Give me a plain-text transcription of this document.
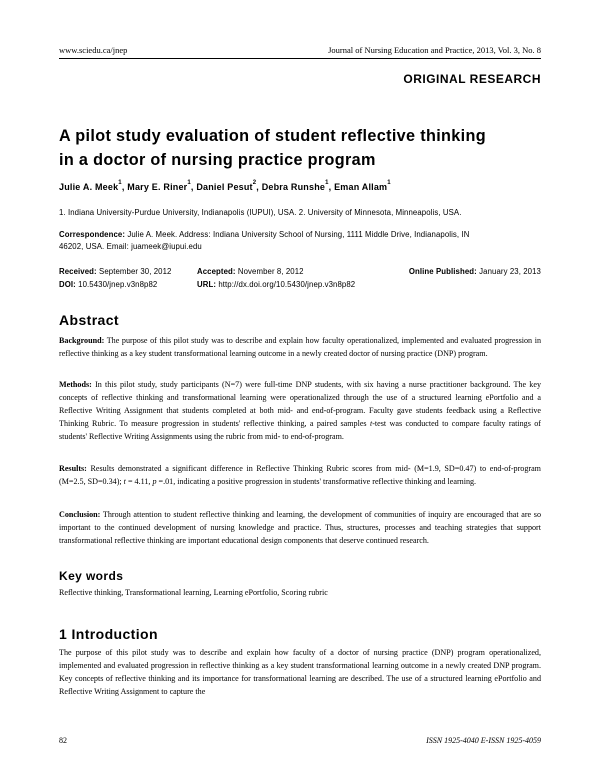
www.sciedu.ca/jnep	Journal of Nursing Education and Practice, 2013, Vol. 3, No. 8
ORIGINAL RESEARCH
A pilot study evaluation of student reflective thinking
in a doctor of nursing practice program
Julie A. Meek$^1$, Mary E. Riner$^1$, Daniel Pesut$^2$, Debra Runshe$^1$, Eman Allam$^1$
1. Indiana University-Purdue University, Indianapolis (IUPUI), USA. 2. University of Minnesota, Minneapolis, USA.
Correspondence: Julie A. Meek. Address: Indiana University School of Nursing, 1111 Middle Drive, Indianapolis, IN
46202, USA. Email: juameek@iupui.edu
Received: September 30, 2012
DOI: 10.5430/jnep.v3n8p82
Accepted: November 8, 2012
URL: http://dx.doi.org/10.5430/jnep.v3n8p82
Online Published: January 23, 2013
Abstract
Background: The purpose of this pilot study was to describe and explain how faculty operationalized, implemented and evaluated progression in reflective thinking as a key student transformational learning outcome in a newly created doctor of nursing practice (DNP) program.
Methods: In this pilot study, study participants (N=7) were full-time DNP students, with six having a nurse practitioner background. The key concepts of reflective thinking and transformational learning were operationalized through the use of a structured learning ePortfolio and a Reflective Writing Assignment that students completed at both mid- and end-of-program. Faculty gave students feedback using a Reflective Thinking Rubric. To measure progression in students' reflective thinking, a paired samples t-test was conducted to compare faculty ratings of students' Reflective Writing Assignments using the rubric from mid- to end-of-program.
Results: Results demonstrated a significant difference in Reflective Thinking Rubric scores from mid- (M=1.9, SD=0.47) to end-of-program (M=2.5, SD=0.34); t = 4.11, p =.01, indicating a positive progression in students' transformative reflective thinking and learning.
Conclusion: Through attention to student reflective thinking and learning, the development of communities of inquiry are encouraged that are so important to the continued development of nursing knowledge and practice. Thus, structures, processes and teaching strategies that support transformational reflective thinking are important educational design components that deserve continued research.
Key words
Reflective thinking, Transformational learning, Learning ePortfolio, Scoring rubric
1 Introduction
The purpose of this pilot study was to describe and explain how faculty of a doctor of nursing practice (DNP) program operationalized, implemented and evaluated progression in reflective thinking as a key student transformational learning outcome in a newly created DNP program. Key concepts of reflective thinking and its importance for transformational learning are described. The use of a structured learning ePortfolio and Reflective Writing Assignment to capture the
82	ISSN 1925-4040 E-ISSN 1925-4059
